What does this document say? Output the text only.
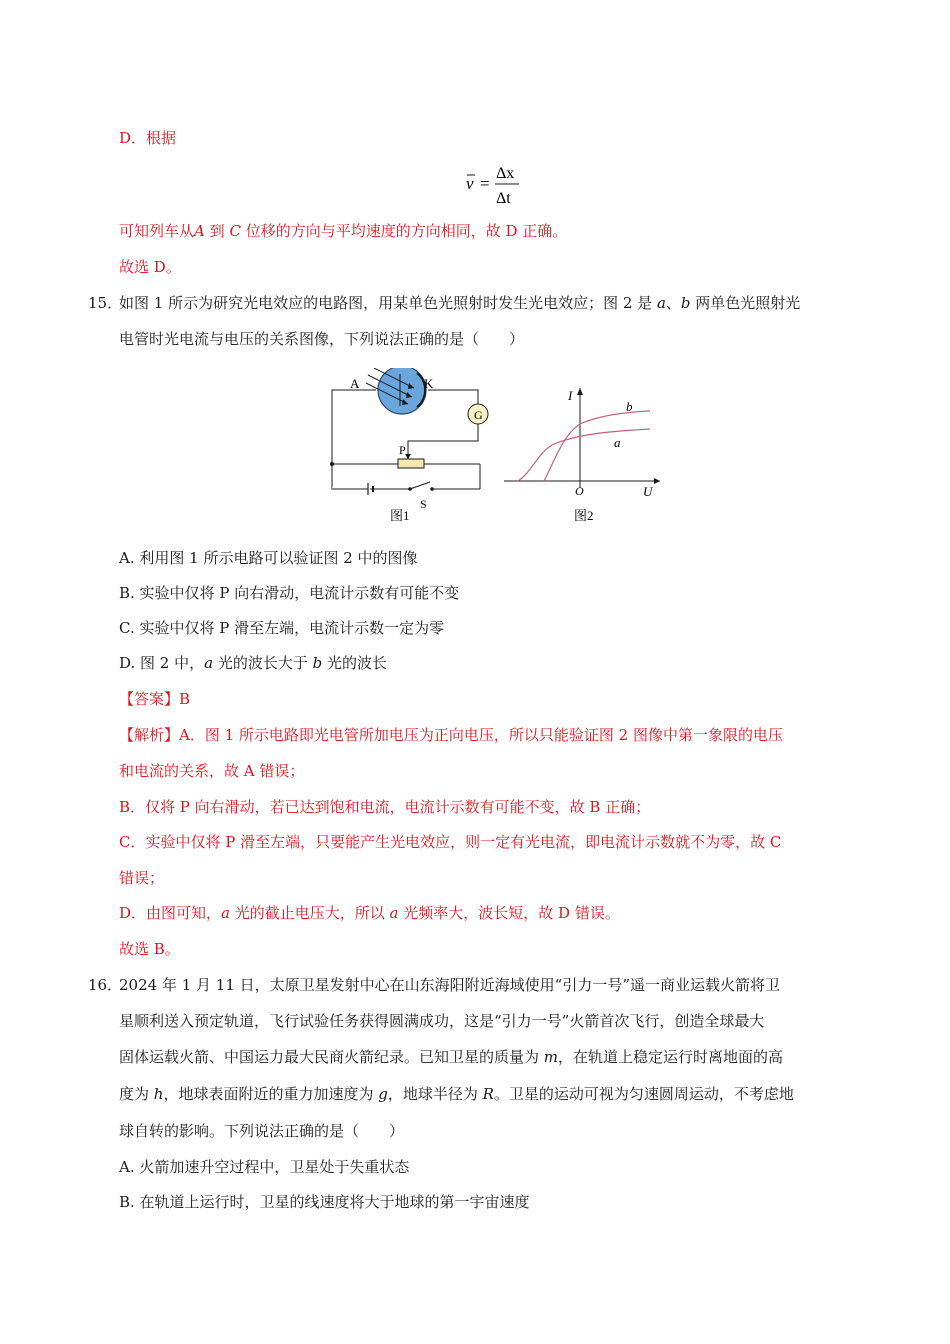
D．根据
v =
Δx
Δt
可知列车从A 到 C 位移的方向与平均速度的方向相同，故 D 正确。
故选 D。
15．
如图 1 所示为研究光电效应的电路图，用某单色光照射时发生光电效应；图 2 是 a、b 两单色光照射光
电管时光电流与电压的关系图像，下列说法正确的是（　　）
A	K
G
P
S
图1
I
U
O
b
a
图2
A. 利用图 1 所示电路可以验证图 2 中的图像
B. 实验中仅将 P 向右滑动，电流计示数有可能不变
C. 实验中仅将 P 滑至左端，电流计示数一定为零
D. 图 2 中，a 光的波长大于 b 光的波长
【答案】B
【解析】A．图 1 所示电路即光电管所加电压为正向电压，所以只能验证图 2 图像中第一象限的电压
和电流的关系，故 A 错误；
B．仅将 P 向右滑动，若已达到饱和电流，电流计示数有可能不变，故 B 正确；
C．实验中仅将 P 滑至左端，只要能产生光电效应，则一定有光电流，即电流计示数就不为零，故 C
错误；
D．由图可知，a 光的截止电压大，所以 a 光频率大，波长短，故 D 错误。
故选 B。
16．
2024 年 1 月 11 日，太原卫星发射中心在山东海阳附近海域使用“引力一号”遥一商业运载火箭将卫
星顺利送入预定轨道，飞行试验任务获得圆满成功，这是“引力一号”火箭首次飞行，创造全球最大
固体运载火箭、中国运力最大民商火箭纪录。已知卫星的质量为 m，在轨道上稳定运行时离地面的高
度为 h，地球表面附近的重力加速度为 g，地球半径为 R。卫星的运动可视为匀速圆周运动，不考虑地
球自转的影响。下列说法正确的是（　　）
A. 火箭加速升空过程中，卫星处于失重状态
B. 在轨道上运行时，卫星的线速度将大于地球的第一宇宙速度
